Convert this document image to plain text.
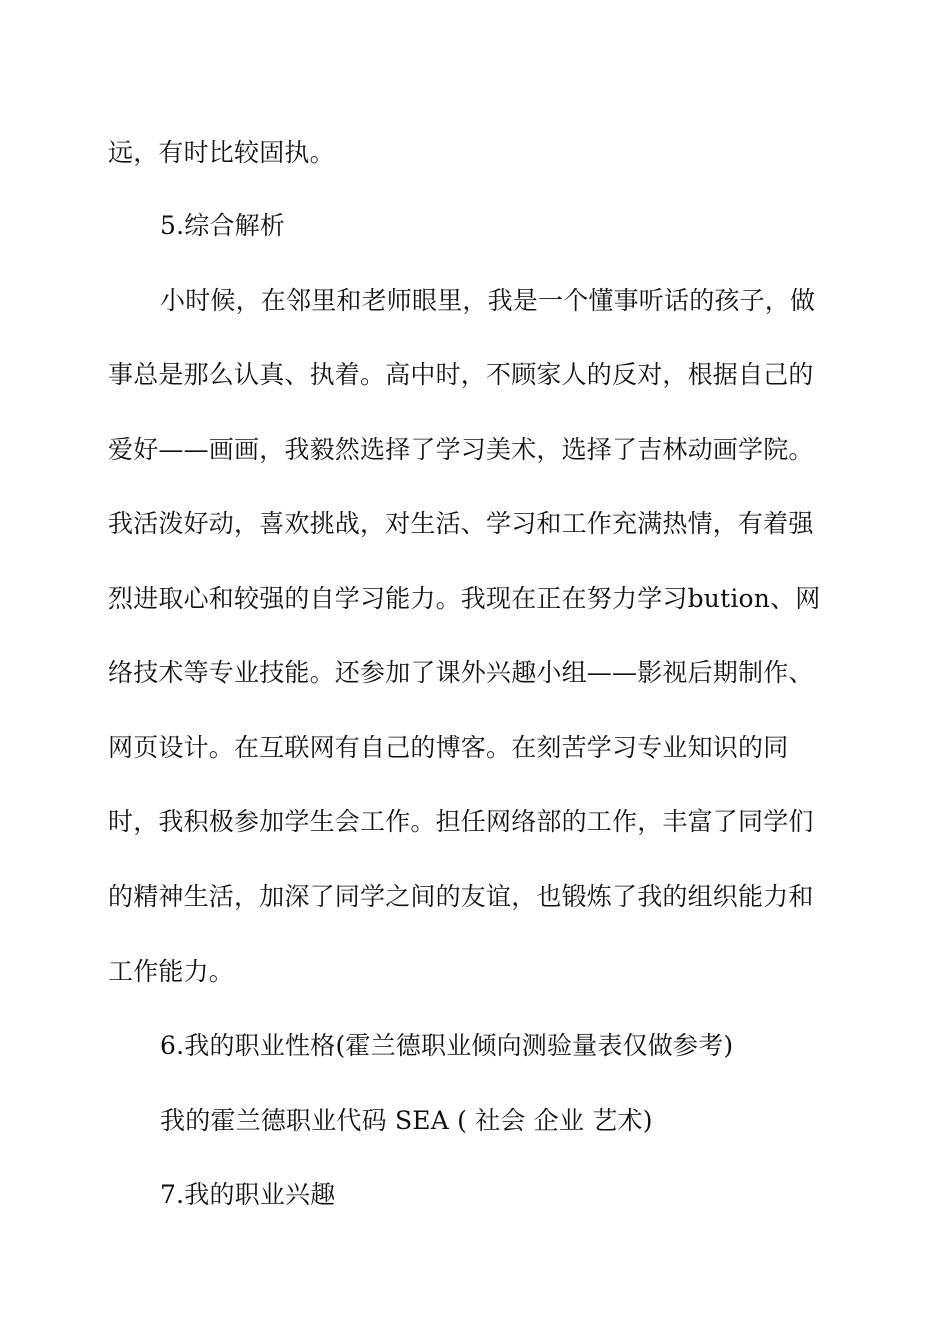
远，有时比较固执。
5.综合解析
小时候，在邻里和老师眼里，我是一个懂事听话的孩子，做
事总是那么认真、执着。高中时，不顾家人的反对，根据自己的
爱好——画画，我毅然选择了学习美术，选择了吉林动画学院。
我活泼好动，喜欢挑战，对生活、学习和工作充满热情，有着强
烈进取心和较强的自学习能力。我现在正在努力学习bution、网
络技术等专业技能。还参加了课外兴趣小组——影视后期制作、
网页设计。在互联网有自己的博客。在刻苦学习专业知识的同
时，我积极参加学生会工作。担任网络部的工作，丰富了同学们
的精神生活，加深了同学之间的友谊，也锻炼了我的组织能力和
工作能力。
6.我的职业性格(霍兰德职业倾向测验量表仅做参考)
我的霍兰德职业代码 SEA ( 社会 企业 艺术)
7.我的职业兴趣
